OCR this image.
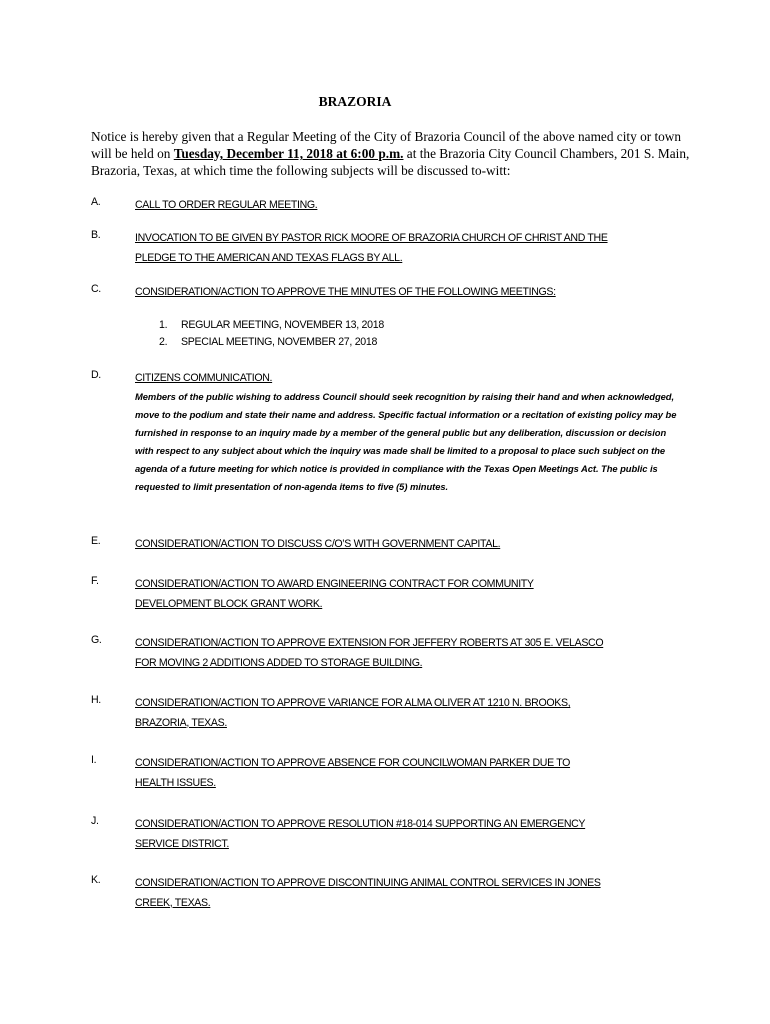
BRAZORIA
Notice is hereby given that a Regular Meeting of the City of Brazoria Council of the above named city or town will be held on Tuesday, December 11, 2018 at 6:00 p.m. at the Brazoria City Council Chambers, 201 S. Main, Brazoria, Texas, at which time the following subjects will be discussed to-witt:
A.	CALL TO ORDER REGULAR MEETING.
B.	INVOCATION TO BE GIVEN BY PASTOR RICK MOORE OF BRAZORIA CHURCH OF CHRIST AND THE
PLEDGE TO THE AMERICAN AND TEXAS FLAGS BY ALL.
C.	CONSIDERATION/ACTION TO APPROVE THE MINUTES OF THE FOLLOWING MEETINGS:
1. REGULAR MEETING, NOVEMBER 13, 2018
2. SPECIAL MEETING, NOVEMBER 27, 2018
D.	CITIZENS COMMUNICATION.
Members of the public wishing to address Council should seek recognition by raising their hand and when acknowledged, move to the podium and state their name and address. Specific factual information or a recitation of existing policy may be furnished in response to an inquiry made by a member of the general public but any deliberation, discussion or decision with respect to any subject about which the inquiry was made shall be limited to a proposal to place such subject on the agenda of a future meeting for which notice is provided in compliance with the Texas Open Meetings Act. The public is requested to limit presentation of non-agenda items to five (5) minutes.
E.	CONSIDERATION/ACTION TO DISCUSS C/O’S WITH GOVERNMENT CAPITAL.
F.	CONSIDERATION/ACTION TO AWARD ENGINEERING CONTRACT FOR COMMUNITY
DEVELOPMENT BLOCK GRANT WORK.
G.	CONSIDERATION/ACTION TO APPROVE EXTENSION FOR JEFFERY ROBERTS AT 305 E. VELASCO
FOR MOVING 2 ADDITIONS ADDED TO STORAGE BUILDING.
H.	CONSIDERATION/ACTION TO APPROVE VARIANCE FOR ALMA OLIVER AT 1210 N. BROOKS,
BRAZORIA, TEXAS.
I.	CONSIDERATION/ACTION TO APPROVE ABSENCE FOR COUNCILWOMAN PARKER DUE TO
HEALTH ISSUES.
J.	CONSIDERATION/ACTION TO APPROVE RESOLUTION #18-014 SUPPORTING AN EMERGENCY
SERVICE DISTRICT.
K.	CONSIDERATION/ACTION TO APPROVE DISCONTINUING ANIMAL CONTROL SERVICES IN JONES
CREEK, TEXAS.
